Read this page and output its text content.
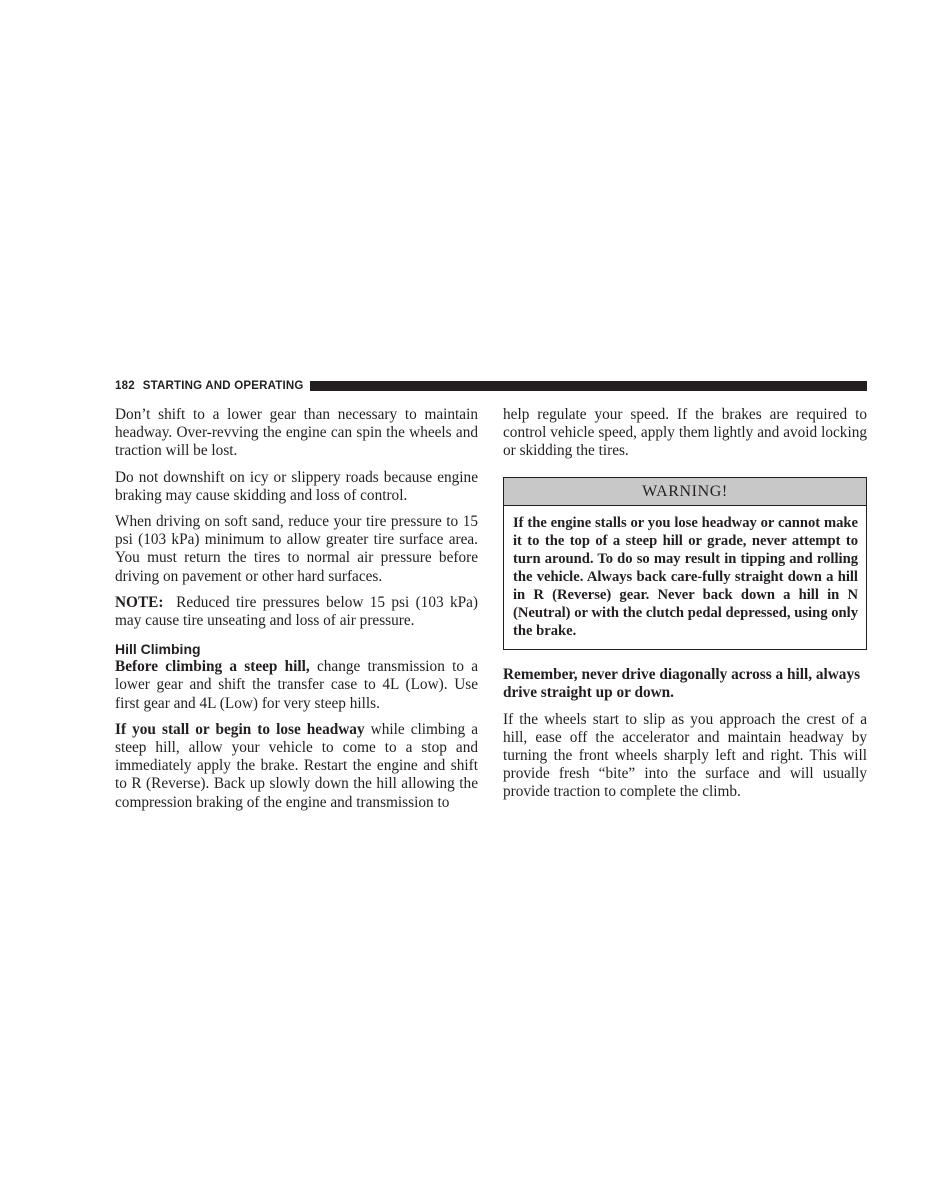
182 STARTING AND OPERATING

Don’t shift to a lower gear than necessary to maintain headway. Over-revving the engine can spin the wheels and traction will be lost.

Do not downshift on icy or slippery roads because engine braking may cause skidding and loss of control.

When driving on soft sand, reduce your tire pressure to 15 psi (103 kPa) minimum to allow greater tire surface area. You must return the tires to normal air pressure before driving on pavement or other hard surfaces.

NOTE: Reduced tire pressures below 15 psi (103 kPa) may cause tire unseating and loss of air pressure.

Hill Climbing

Before climbing a steep hill, change transmission to a lower gear and shift the transfer case to 4L (Low). Use first gear and 4L (Low) for very steep hills.

If you stall or begin to lose headway while climbing a steep hill, allow your vehicle to come to a stop and immediately apply the brake. Restart the engine and shift to R (Reverse). Back up slowly down the hill allowing the compression braking of the engine and transmission to

help regulate your speed. If the brakes are required to control vehicle speed, apply them lightly and avoid locking or skidding the tires.

WARNING!
If the engine stalls or you lose headway or cannot make it to the top of a steep hill or grade, never attempt to turn around. To do so may result in tipping and rolling the vehicle. Always back care-fully straight down a hill in R (Reverse) gear. Never back down a hill in N (Neutral) or with the clutch pedal depressed, using only the brake.

Remember, never drive diagonally across a hill, always drive straight up or down.

If the wheels start to slip as you approach the crest of a hill, ease off the accelerator and maintain headway by turning the front wheels sharply left and right. This will provide fresh “bite” into the surface and will usually provide traction to complete the climb.
